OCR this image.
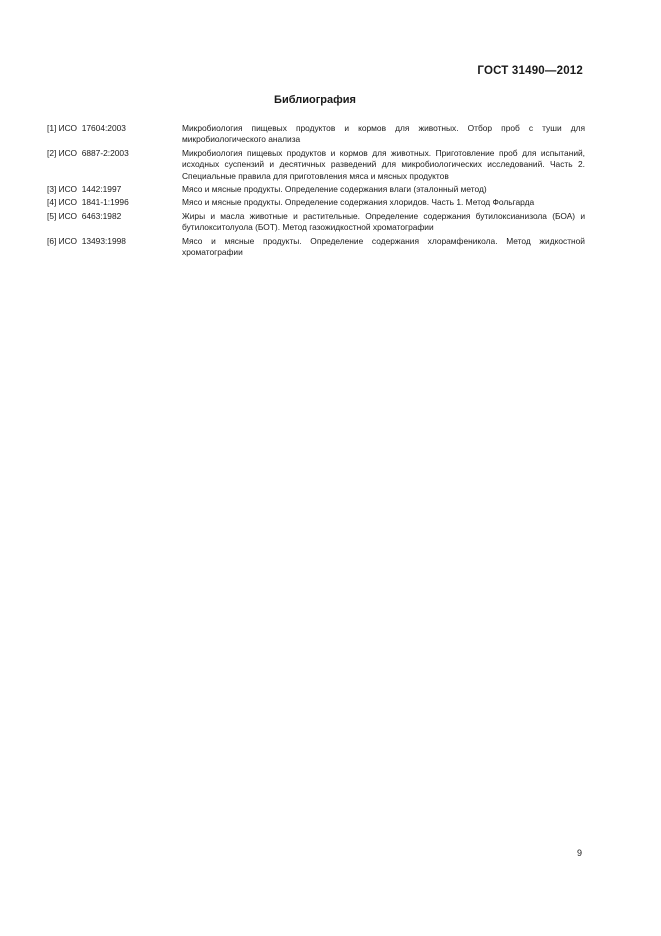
ГОСТ 31490—2012
Библиография
[1] ИСО  17604:2003	Микробиология пищевых продуктов и кормов для животных. Отбор проб с туши для микробиологического анализа
[2] ИСО  6887-2:2003	Микробиология пищевых продуктов и кормов для животных. Приготовление проб для испытаний, исходных суспензий и десятичных разведений для микробиологических исследований. Часть 2. Специальные правила для приготовления мяса и мясных продуктов
[3] ИСО  1442:1997	Мясо и мясные продукты. Определение содержания влаги (эталонный метод)
[4] ИСО  1841-1:1996	Мясо и мясные продукты. Определение содержания хлоридов. Часть 1. Метод Фольгарда
[5] ИСО  6463:1982	Жиры и масла животные и растительные. Определение содержания бутилоксианизола (БОА) и бутилокситолуола (БОТ). Метод газожидкостной хроматографии
[6] ИСО  13493:1998	Мясо и мясные продукты. Определение содержания хлорамфеникола. Метод жидкостной хроматографии
9
